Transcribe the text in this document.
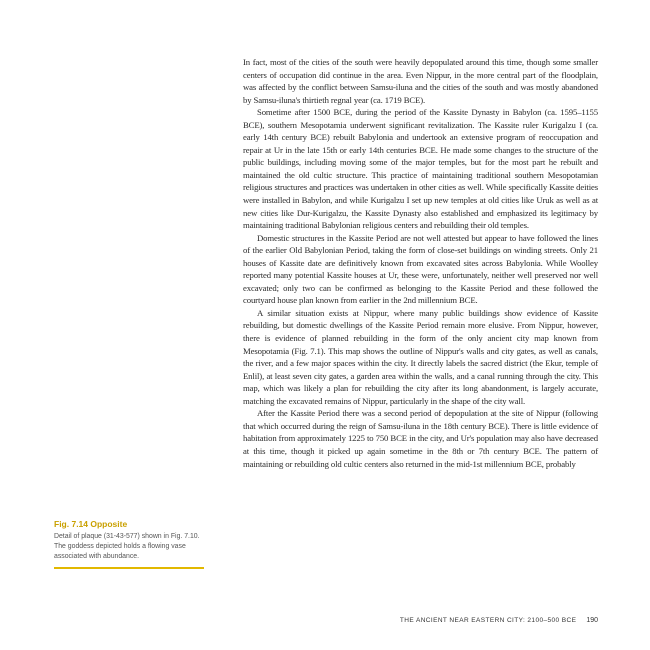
In fact, most of the cities of the south were heavily depopulated around this time, though some smaller centers of occupation did continue in the area. Even Nippur, in the more central part of the floodplain, was affected by the conflict between Samsu-iluna and the cities of the south and was mostly abandoned by Samsu-iluna's thirtieth regnal year (ca. 1719 BCE).

Sometime after 1500 BCE, during the period of the Kassite Dynasty in Babylon (ca. 1595–1155 BCE), southern Mesopotamia underwent significant revitalization. The Kassite ruler Kurigalzu I (ca. early 14th century BCE) rebuilt Babylonia and undertook an extensive program of reoccupation and repair at Ur in the late 15th or early 14th centuries BCE. He made some changes to the structure of the public buildings, including moving some of the major temples, but for the most part he rebuilt and maintained the old cultic structure. This practice of maintaining traditional southern Mesopotamian religious structures and practices was undertaken in other cities as well. While specifically Kassite deities were installed in Babylon, and while Kurigalzu I set up new temples at old cities like Uruk as well as at new cities like Dur-Kurigalzu, the Kassite Dynasty also established and emphasized its legitimacy by maintaining traditional Babylonian religious centers and rebuilding their old temples.

Domestic structures in the Kassite Period are not well attested but appear to have followed the lines of the earlier Old Babylonian Period, taking the form of close-set buildings on winding streets. Only 21 houses of Kassite date are definitively known from excavated sites across Babylonia. While Woolley reported many potential Kassite houses at Ur, these were, unfortunately, neither well preserved nor well excavated; only two can be confirmed as belonging to the Kassite Period and these followed the courtyard house plan known from earlier in the 2nd millennium BCE.

A similar situation exists at Nippur, where many public buildings show evidence of Kassite rebuilding, but domestic dwellings of the Kassite Period remain more elusive. From Nippur, however, there is evidence of planned rebuilding in the form of the only ancient city map known from Mesopotamia (Fig. 7.1). This map shows the outline of Nippur's walls and city gates, as well as canals, the river, and a few major spaces within the city. It directly labels the sacred district (the Ekur, temple of Enlil), at least seven city gates, a garden area within the walls, and a canal running through the city. This map, which was likely a plan for rebuilding the city after its long abandonment, is largely accurate, matching the excavated remains of Nippur, particularly in the shape of the city wall.

After the Kassite Period there was a second period of depopulation at the site of Nippur (following that which occurred during the reign of Samsu-iluna in the 18th century BCE). There is little evidence of habitation from approximately 1225 to 750 BCE in the city, and Ur's population may also have decreased at this time, though it picked up again sometime in the 8th or 7th century BCE. The pattern of maintaining or rebuilding old cultic centers also returned in the mid-1st millennium BCE, probably

Fig. 7.14 Opposite
Detail of plaque (31-43-577) shown in Fig. 7.10. The goddess depicted holds a flowing vase associated with abundance.
THE ANCIENT NEAR EASTERN CITY: 2100–500 BCE 190
